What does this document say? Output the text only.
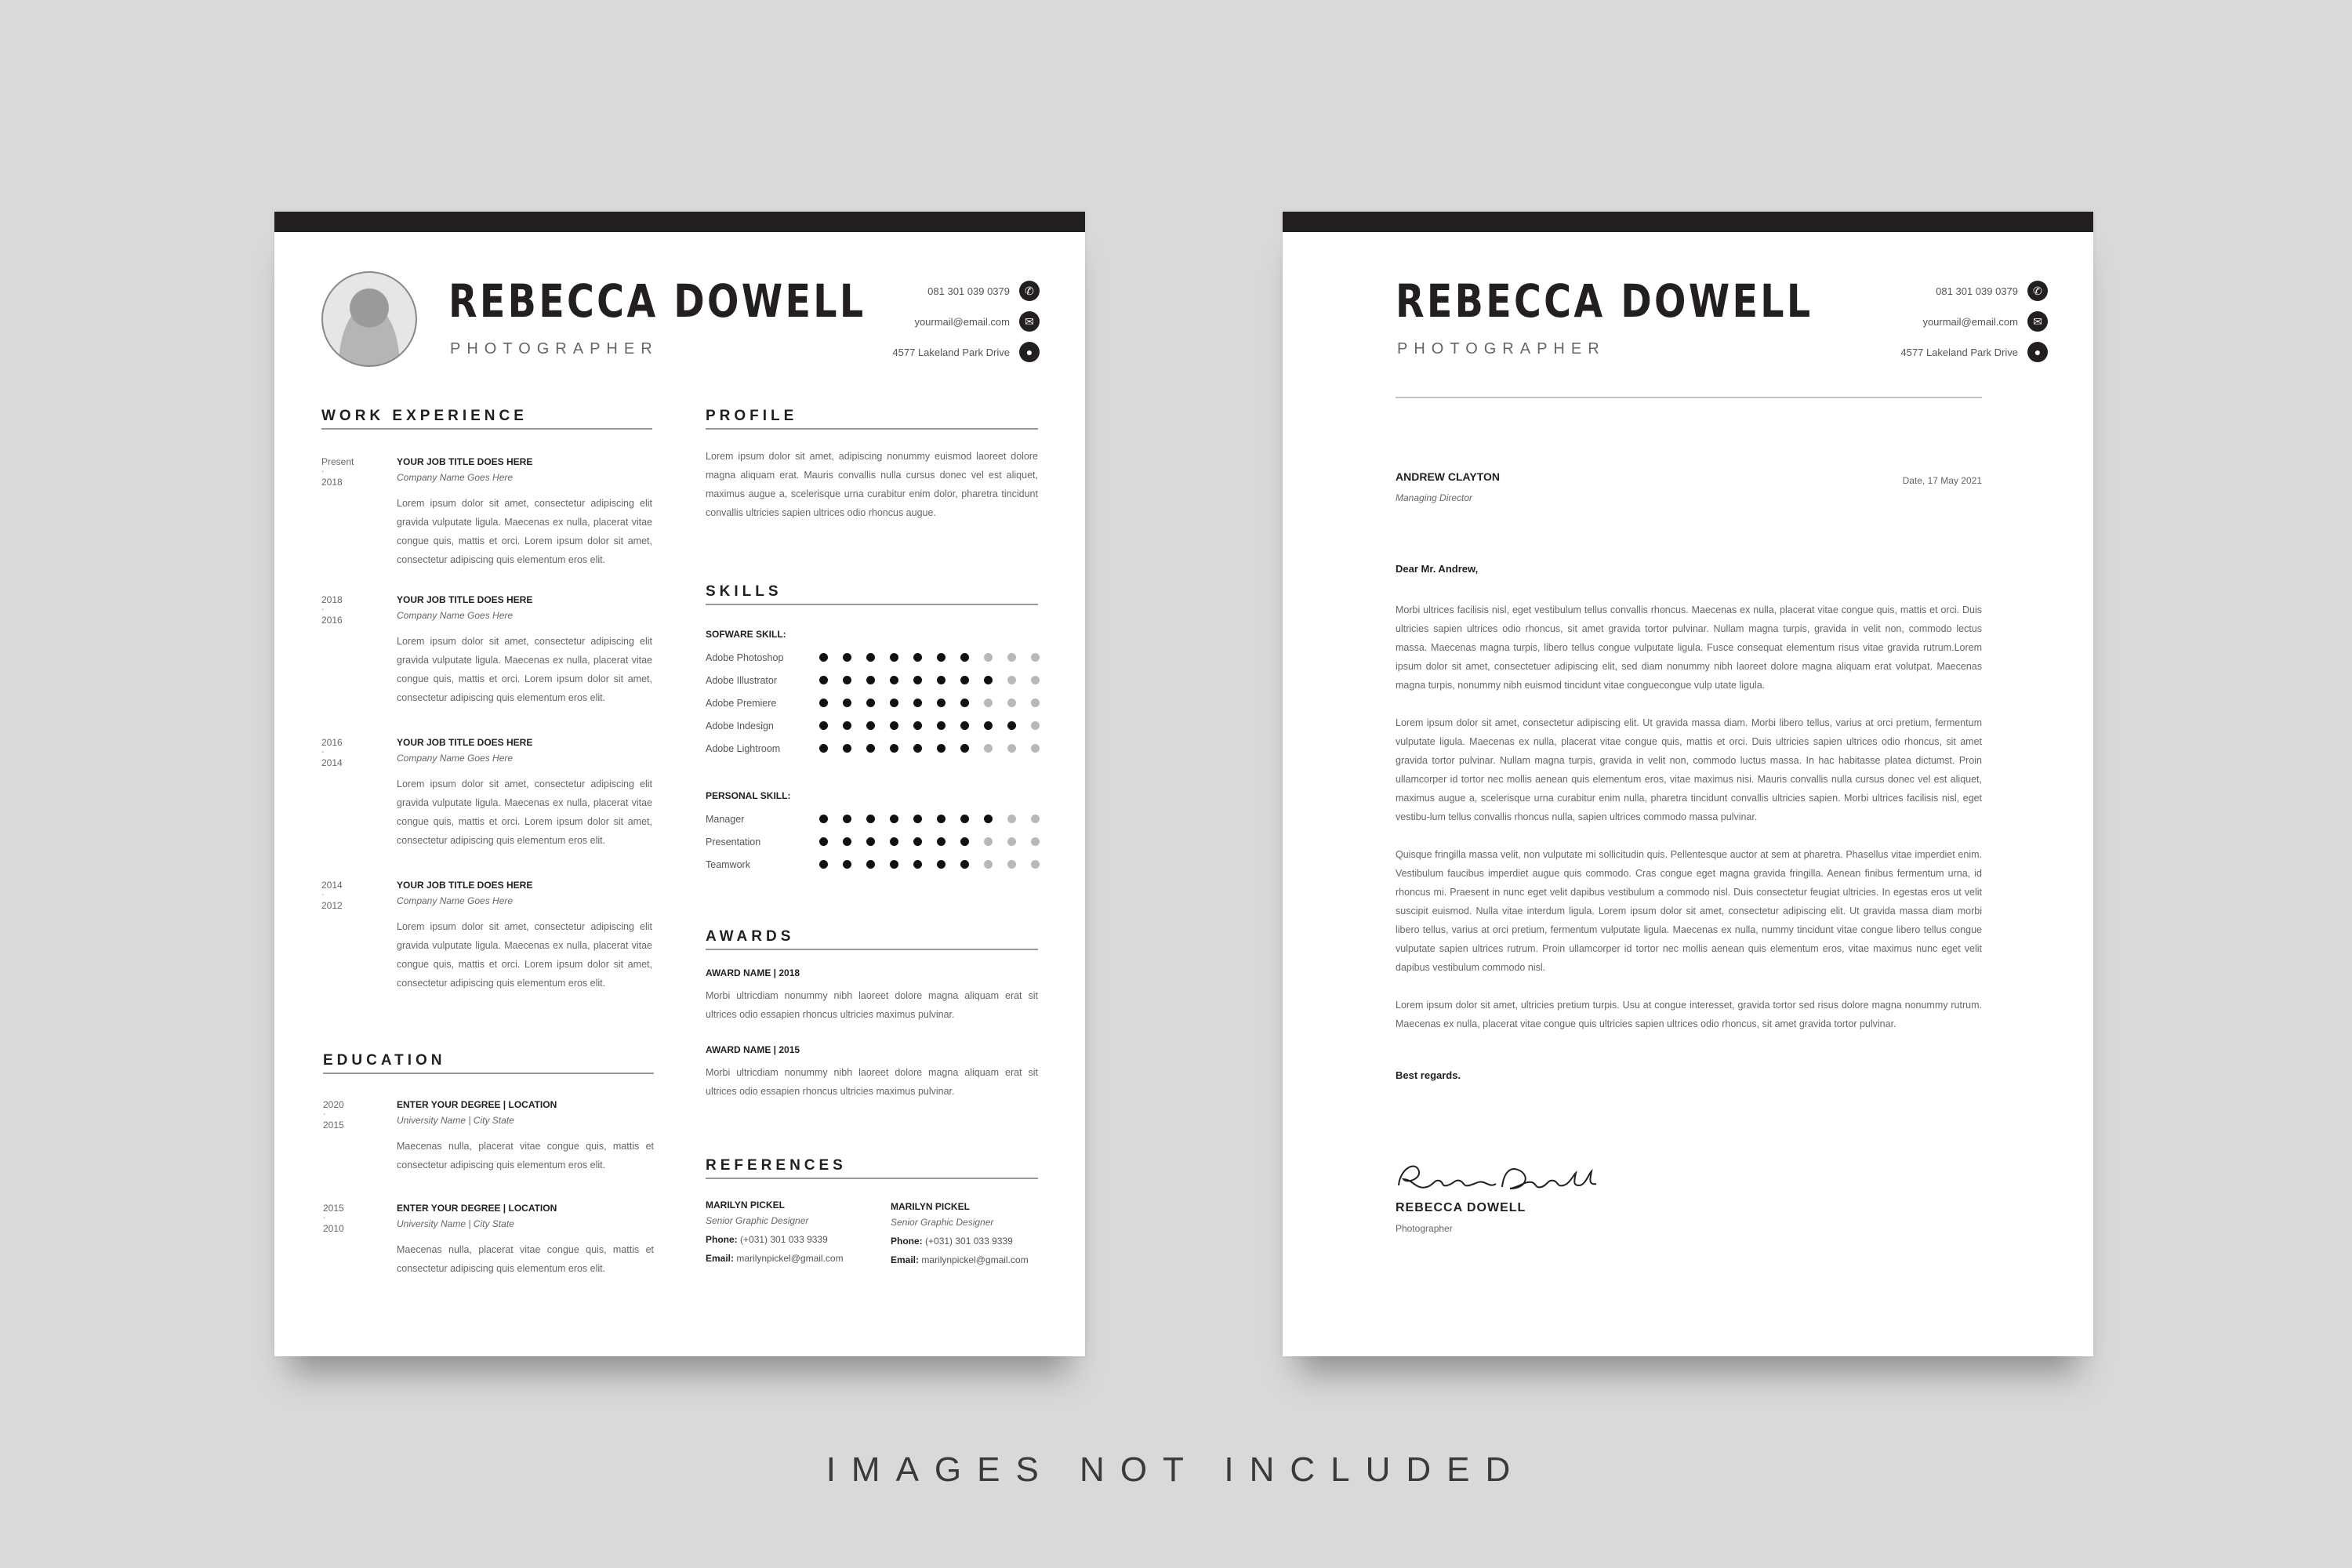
REBECCA DOWELL
PHOTOGRAPHER
081 301 039 0379	✆
yourmail@email.com	✉
4577 Lakeland Park Drive	●
WORK EXPERIENCE
Present
-
2018
YOUR JOB TITLE DOES HERE
Company Name Goes Here
Lorem ipsum dolor sit amet, consectetur adipiscing elit gravida vulputate ligula. Maecenas ex nulla, placerat vitae congue quis, mattis et orci. Lorem ipsum dolor sit amet, consectetur adipiscing quis elementum eros elit.
2018
-
2016
YOUR JOB TITLE DOES HERE
Company Name Goes Here
Lorem ipsum dolor sit amet, consectetur adipiscing elit gravida vulputate ligula. Maecenas ex nulla, placerat vitae congue quis, mattis et orci. Lorem ipsum dolor sit amet, consectetur adipiscing quis elementum eros elit.
2016
-
2014
YOUR JOB TITLE DOES HERE
Company Name Goes Here
Lorem ipsum dolor sit amet, consectetur adipiscing elit gravida vulputate ligula. Maecenas ex nulla, placerat vitae congue quis, mattis et orci. Lorem ipsum dolor sit amet, consectetur adipiscing quis elementum eros elit.
2014
-
2012
YOUR JOB TITLE DOES HERE
Company Name Goes Here
Lorem ipsum dolor sit amet, consectetur adipiscing elit gravida vulputate ligula. Maecenas ex nulla, placerat vitae congue quis, mattis et orci. Lorem ipsum dolor sit amet, consectetur adipiscing quis elementum eros elit.
EDUCATION
2020
-
2015
ENTER YOUR DEGREE | LOCATION
University Name | City State
Maecenas nulla, placerat vitae congue quis, mattis et consectetur adipiscing quis elementum eros elit.
2015
-
2010
ENTER YOUR DEGREE | LOCATION
University Name | City State
Maecenas nulla, placerat vitae congue quis, mattis et consectetur adipiscing quis elementum eros elit.
PROFILE
Lorem ipsum dolor sit amet, adipiscing nonummy euismod laoreet dolore magna aliquam erat. Mauris convallis nulla cursus donec vel est aliquet, maximus augue a, scelerisque urna curabitur enim dolor, pharetra tincidunt convallis ultricies sapien ultrices odio rhoncus augue.
SKILLS
SOFWARE SKILL:
Adobe Photoshop
Adobe Illustrator
Adobe Premiere
Adobe Indesign
Adobe Lightroom
PERSONAL SKILL:
Manager
Presentation
Teamwork
AWARDS
AWARD NAME | 2018
Morbi ultricdiam nonummy nibh laoreet dolore magna aliquam erat sit ultrices odio essapien rhoncus ultricies maximus pulvinar.
AWARD NAME | 2015
Morbi ultricdiam nonummy nibh laoreet dolore magna aliquam erat sit ultrices odio essapien rhoncus ultricies maximus pulvinar.
REFERENCES
MARILYN PICKEL
Senior Graphic Designer
Phone: (+031) 301 033 9339
Email: marilynpickel@gmail.com
MARILYN PICKEL
Senior Graphic Designer
Phone: (+031) 301 033 9339
Email: marilynpickel@gmail.com
REBECCA DOWELL
PHOTOGRAPHER
081 301 039 0379	✆
yourmail@email.com	✉
4577 Lakeland Park Drive	●
ANDREW CLAYTON
Managing Director
Date, 17 May 2021
Dear Mr. Andrew,

Morbi ultrices facilisis nisl, eget vestibulum tellus convallis rhoncus. Maecenas ex nulla, placerat vitae congue quis, mattis et orci. Duis ultricies sapien ultrices odio rhoncus, sit amet gravida tortor pulvinar. Nullam magna turpis, gravida in velit non, commodo lectus massa. Maecenas magna turpis, libero tellus congue vulputate ligula. Fusce consequat elementum risus vitae gravida rutrum.Lorem ipsum dolor sit amet, consectetuer adipiscing elit, sed diam nonummy nibh laoreet dolore magna aliquam erat volutpat. Maecenas magna turpis, nonummy nibh euismod tincidunt vitae conguecongue vulp utate ligula.

Lorem ipsum dolor sit amet, consectetur adipiscing elit. Ut gravida massa diam. Morbi libero tellus, varius at orci pretium, fermentum vulputate ligula. Maecenas ex nulla, placerat vitae congue quis, mattis et orci. Duis ultricies sapien ultrices odio rhoncus, sit amet gravida tortor pulvinar. Nullam magna turpis, gravida in velit non, commodo luctus massa. In hac habitasse platea dictumst. Proin ullamcorper id tortor nec mollis aenean quis elementum eros, vitae maximus nisi. Mauris convallis nulla cursus donec vel est aliquet, maximus augue a, scelerisque urna curabitur enim nulla, pharetra tincidunt convallis ultricies sapien. Morbi ultrices facilisis nisl, eget vestibu-lum tellus convallis rhoncus nulla, sapien ultrices commodo massa pulvinar.

Quisque fringilla massa velit, non vulputate mi sollicitudin quis. Pellentesque auctor at sem at pharetra. Phasellus vitae imperdiet enim. Vestibulum faucibus imperdiet augue quis commodo. Cras congue eget magna gravida fringilla. Aenean finibus fermentum urna, id rhoncus mi. Praesent in nunc eget velit dapibus vestibulum a commodo nisl. Duis consectetur feugiat ultricies. In egestas eros ut velit suscipit euismod. Nulla vitae interdum ligula. Lorem ipsum dolor sit amet, consectetur adipiscing elit. Ut gravida massa diam morbi libero tellus, varius at orci pretium, fermentum vulputate ligula. Maecenas ex nulla, nummy tincidunt vitae congue libero tellus congue vulputate sapien ultrices rutrum. Proin ullamcorper id tortor nec mollis aenean quis elementum eros, vitae maximus nunc eget velit dapibus vestibulum commodo nisl.

Lorem ipsum dolor sit amet, ultricies pretium turpis. Usu at congue interesset, gravida tortor sed risus dolore magna nonummy rutrum. Maecenas ex nulla, placerat vitae congue quis ultricies sapien ultrices odio rhoncus, sit amet gravida tortor pulvinar.

Best regards.
REBECCA DOWELL
Photographer
IMAGES NOT INCLUDED
